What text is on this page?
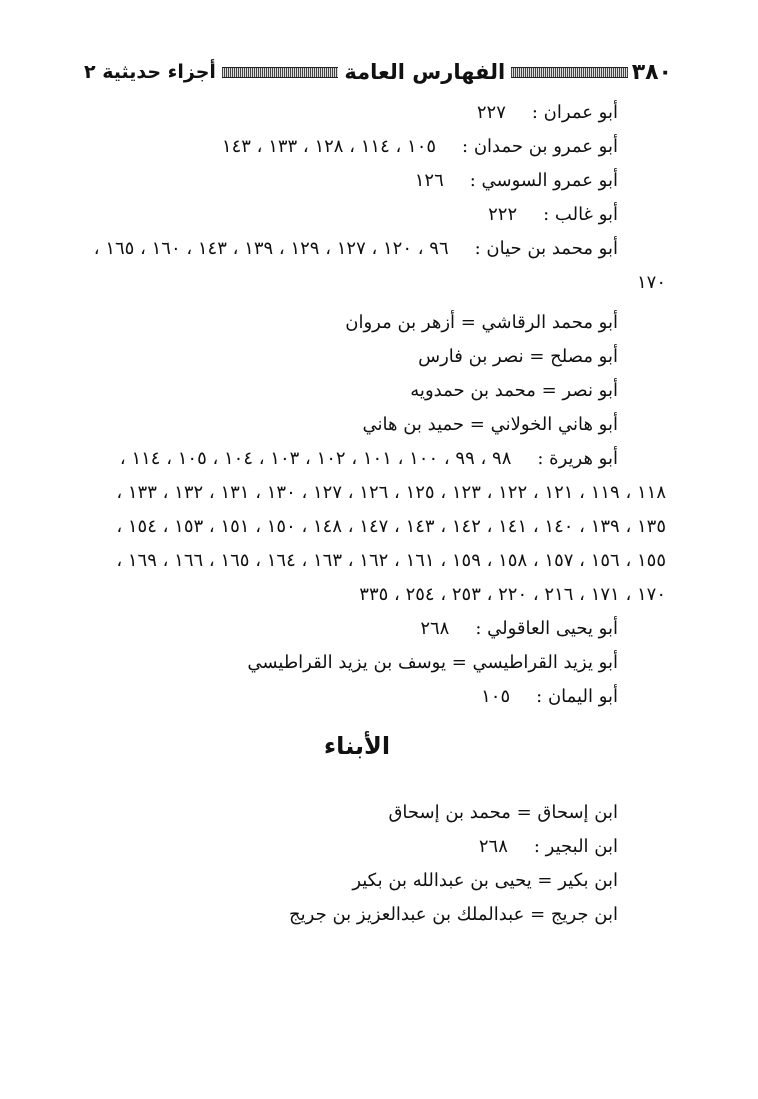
٣٨٠
الفهارس العامة
أجزاء حديثية ٢
أبو عمران :٢٢٧
أبو عمرو بن حمدان :١٠٥ ، ١١٤ ، ١٢٨ ، ١٣٣ ، ١٤٣
أبو عمرو السوسي :١٢٦
أبو غالب :٢٢٢
أبو محمد بن حيان :٩٦ ، ١٢٠ ، ١٢٧ ، ١٢٩ ، ١٣٩ ، ١٤٣ ، ١٦٠ ، ١٦٥ ،
١٧٠
أبو محمد الرقاشي = أزهر بن مروان
أبو مصلح = نصر بن فارس
أبو نصر = محمد بن حمدويه
أبو هاني الخولاني = حميد بن هاني
أبو هريرة :٩٨ ، ٩٩ ، ١٠٠ ، ١٠١ ، ١٠٢ ، ١٠٣ ، ١٠٤ ، ١٠٥ ، ١١٤ ،
١١٨ ، ١١٩ ، ١٢١ ، ١٢٢ ، ١٢٣ ، ١٢٥ ، ١٢٦ ، ١٢٧ ، ١٣٠ ، ١٣١ ، ١٣٢ ، ١٣٣ ،
١٣٥ ، ١٣٩ ، ١٤٠ ، ١٤١ ، ١٤٢ ، ١٤٣ ، ١٤٧ ، ١٤٨ ، ١٥٠ ، ١٥١ ، ١٥٣ ، ١٥٤ ،
١٥٥ ، ١٥٦ ، ١٥٧ ، ١٥٨ ، ١٥٩ ، ١٦١ ، ١٦٢ ، ١٦٣ ، ١٦٤ ، ١٦٥ ، ١٦٦ ، ١٦٩ ،
١٧٠ ، ١٧١ ، ٢١٦ ، ٢٢٠ ، ٢٥٣ ، ٢٥٤ ، ٣٣٥
أبو يحيى العاقولي :٢٦٨
أبو يزيد القراطيسي = يوسف بن يزيد القراطيسي
أبو اليمان :١٠٥
الأبناء
ابن إسحاق = محمد بن إسحاق
ابن البجير :٢٦٨
ابن بكير = يحيى بن عبدالله بن بكير
ابن جريج = عبدالملك بن عبدالعزيز بن جريج
